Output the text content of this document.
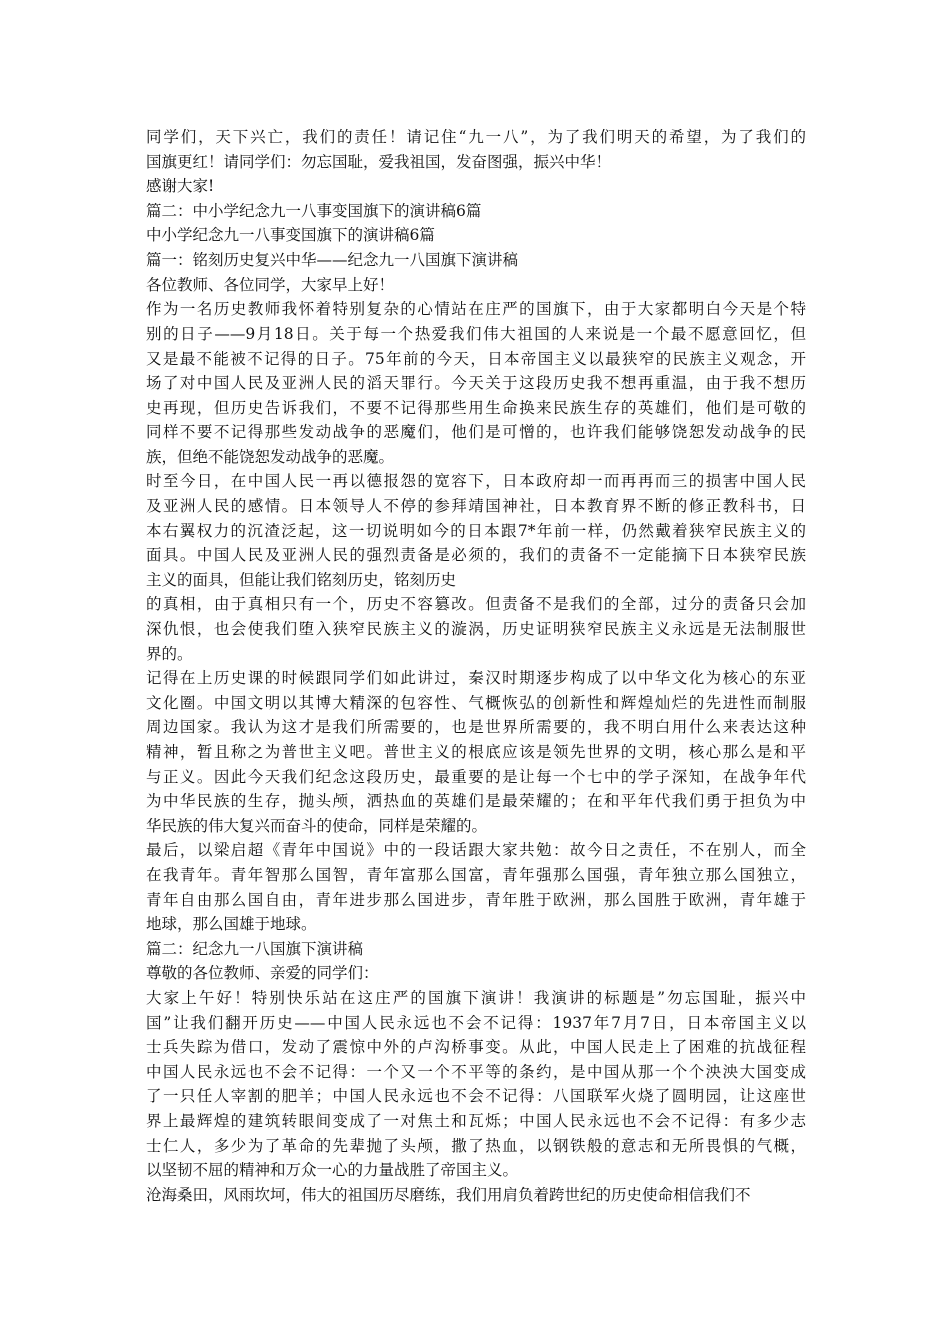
同学们，天下兴亡，我们的责任！请记住“九一八”，为了我们明天的希望，为了我们的
国旗更红！请同学们：勿忘国耻，爱我祖国，发奋图强，振兴中华！
感谢大家!
篇二：中小学纪念九一八事变国旗下的演讲稿6篇
中小学纪念九一八事变国旗下的演讲稿6篇
篇一：铭刻历史复兴中华——纪念九一八国旗下演讲稿
各位教师、各位同学，大家早上好！
作为一名历史教师我怀着特别复杂的心情站在庄严的国旗下，由于大家都明白今天是个特
别的日子——9月18日。关于每一个热爱我们伟大祖国的人来说是一个最不愿意回忆，但
又是最不能被不记得的日子。75年前的今天，日本帝国主义以最狭窄的民族主义观念，开
场了对中国人民及亚洲人民的滔天罪行。今天关于这段历史我不想再重温，由于我不想历
史再现，但历史告诉我们，不要不记得那些用生命换来民族生存的英雄们，他们是可敬的
同样不要不记得那些发动战争的恶魔们，他们是可憎的，也许我们能够饶恕发动战争的民
族，但绝不能饶恕发动战争的恶魔。
时至今日，在中国人民一再以德报怨的宽容下，日本政府却一而再再而三的损害中国人民
及亚洲人民的感情。日本领导人不停的参拜靖国神社，日本教育界不断的修正教科书，日
本右翼权力的沉渣泛起，这一切说明如今的日本跟7*年前一样，仍然戴着狭窄民族主义的
面具。中国人民及亚洲人民的强烈责备是必须的，我们的责备不一定能摘下日本狭窄民族
主义的面具，但能让我们铭刻历史，铭刻历史
的真相，由于真相只有一个，历史不容篡改。但责备不是我们的全部，过分的责备只会加
深仇恨，也会使我们堕入狭窄民族主义的漩涡，历史证明狭窄民族主义永远是无法制服世
界的。
记得在上历史课的时候跟同学们如此讲过，秦汉时期逐步构成了以中华文化为核心的东亚
文化圈。中国文明以其博大精深的包容性、气概恢弘的创新性和辉煌灿烂的先进性而制服
周边国家。我认为这才是我们所需要的，也是世界所需要的，我不明白用什么来表达这种
精神，暂且称之为普世主义吧。普世主义的根底应该是领先世界的文明，核心那么是和平
与正义。因此今天我们纪念这段历史，最重要的是让每一个七中的学子深知，在战争年代
为中华民族的生存，抛头颅，洒热血的英雄们是最荣耀的；在和平年代我们勇于担负为中
华民族的伟大复兴而奋斗的使命，同样是荣耀的。
最后，以梁启超《青年中国说》中的一段话跟大家共勉：故今日之责任，不在别人，而全
在我青年。青年智那么国智，青年富那么国富，青年强那么国强，青年独立那么国独立，
青年自由那么国自由，青年进步那么国进步，青年胜于欧洲，那么国胜于欧洲，青年雄于
地球，那么国雄于地球。
篇二：纪念九一八国旗下演讲稿
尊敬的各位教师、亲爱的同学们：
大家上午好！特别快乐站在这庄严的国旗下演讲！我演讲的标题是”勿忘国耻，振兴中
国”让我们翻开历史——中国人民永远也不会不记得：1937年7月7日，日本帝国主义以
士兵失踪为借口，发动了震惊中外的卢沟桥事变。从此，中国人民走上了困难的抗战征程
中国人民永远也不会不记得：一个又一个不平等的条约，是中国从那一个个泱泱大国变成
了一只任人宰割的肥羊；中国人民永远也不会不记得：八国联军火烧了圆明园，让这座世
界上最辉煌的建筑转眼间变成了一对焦土和瓦烁；中国人民永远也不会不记得：有多少志
士仁人，多少为了革命的先辈抛了头颅，撒了热血，以钢铁般的意志和无所畏惧的气概，
以坚韧不屈的精神和万众一心的力量战胜了帝国主义。
沧海桑田，风雨坎坷，伟大的祖国历尽磨练，我们用肩负着跨世纪的历史使命相信我们不
